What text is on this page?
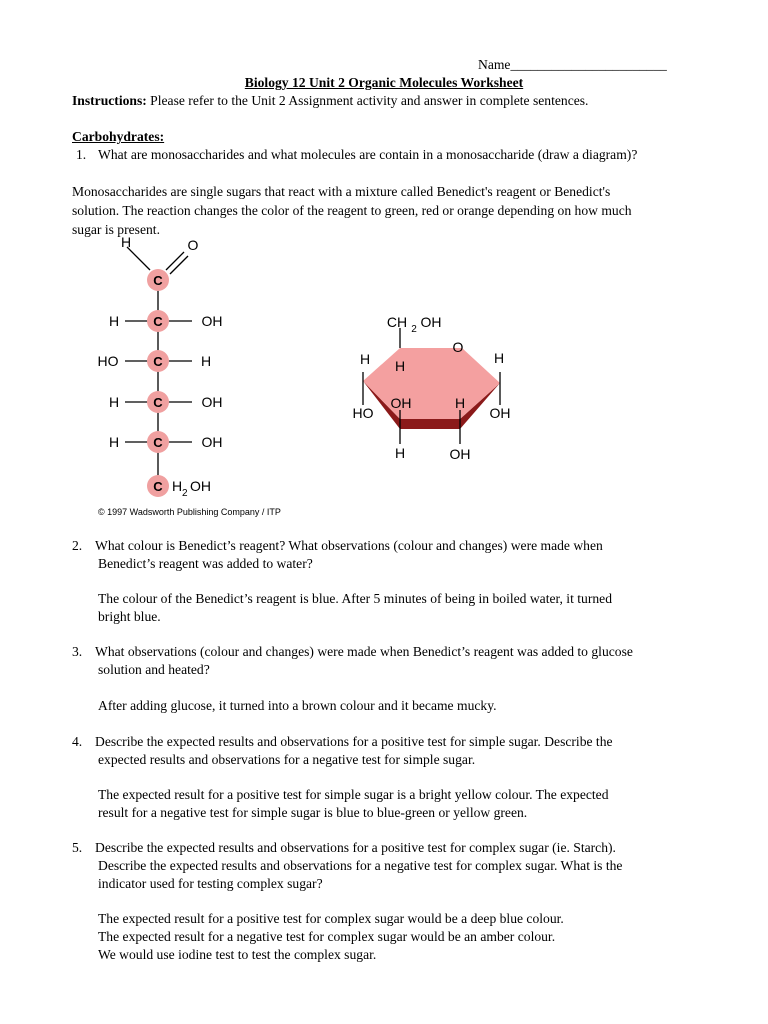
Name_______________________
Biology 12 Unit 2 Organic Molecules Worksheet
Instructions: Please refer to the Unit 2 Assignment activity and answer in complete sentences.
Carbohydrates:
1. What are monosaccharides and what molecules are contain in a monosaccharide (draw a diagram)?
Monosaccharides are single sugars that react with a mixture called Benedict's reagent or Benedict's
solution. The reaction changes the color of the reagent to green, red or orange depending on how much
sugar is present.
C
C
C
C
C
C
H	O
H	OH
HO	H
H	OH
H	OH
H 2 OH
CH 2 OH
O
H H	H
HO
OH	H
OH
H	OH
© 1997 Wadsworth Publishing Company / ITP
2. What colour is Benedict’s reagent? What observations (colour and changes) were made when
Benedict’s reagent was added to water?
The colour of the Benedict’s reagent is blue. After 5 minutes of being in boiled water, it turned
bright blue.
3. What observations (colour and changes) were made when Benedict’s reagent was added to glucose
solution and heated?
After adding glucose, it turned into a brown colour and it became mucky.
4. Describe the expected results and observations for a positive test for simple sugar. Describe the
expected results and observations for a negative test for simple sugar.
The expected result for a positive test for simple sugar is a bright yellow colour. The expected
result for a negative test for simple sugar is blue to blue-green or yellow green.
5. Describe the expected results and observations for a positive test for complex sugar (ie. Starch).
Describe the expected results and observations for a negative test for complex sugar. What is the
indicator used for testing complex sugar?
The expected result for a positive test for complex sugar would be a deep blue colour.
The expected result for a negative test for complex sugar would be an amber colour.
We would use iodine test to test the complex sugar.
